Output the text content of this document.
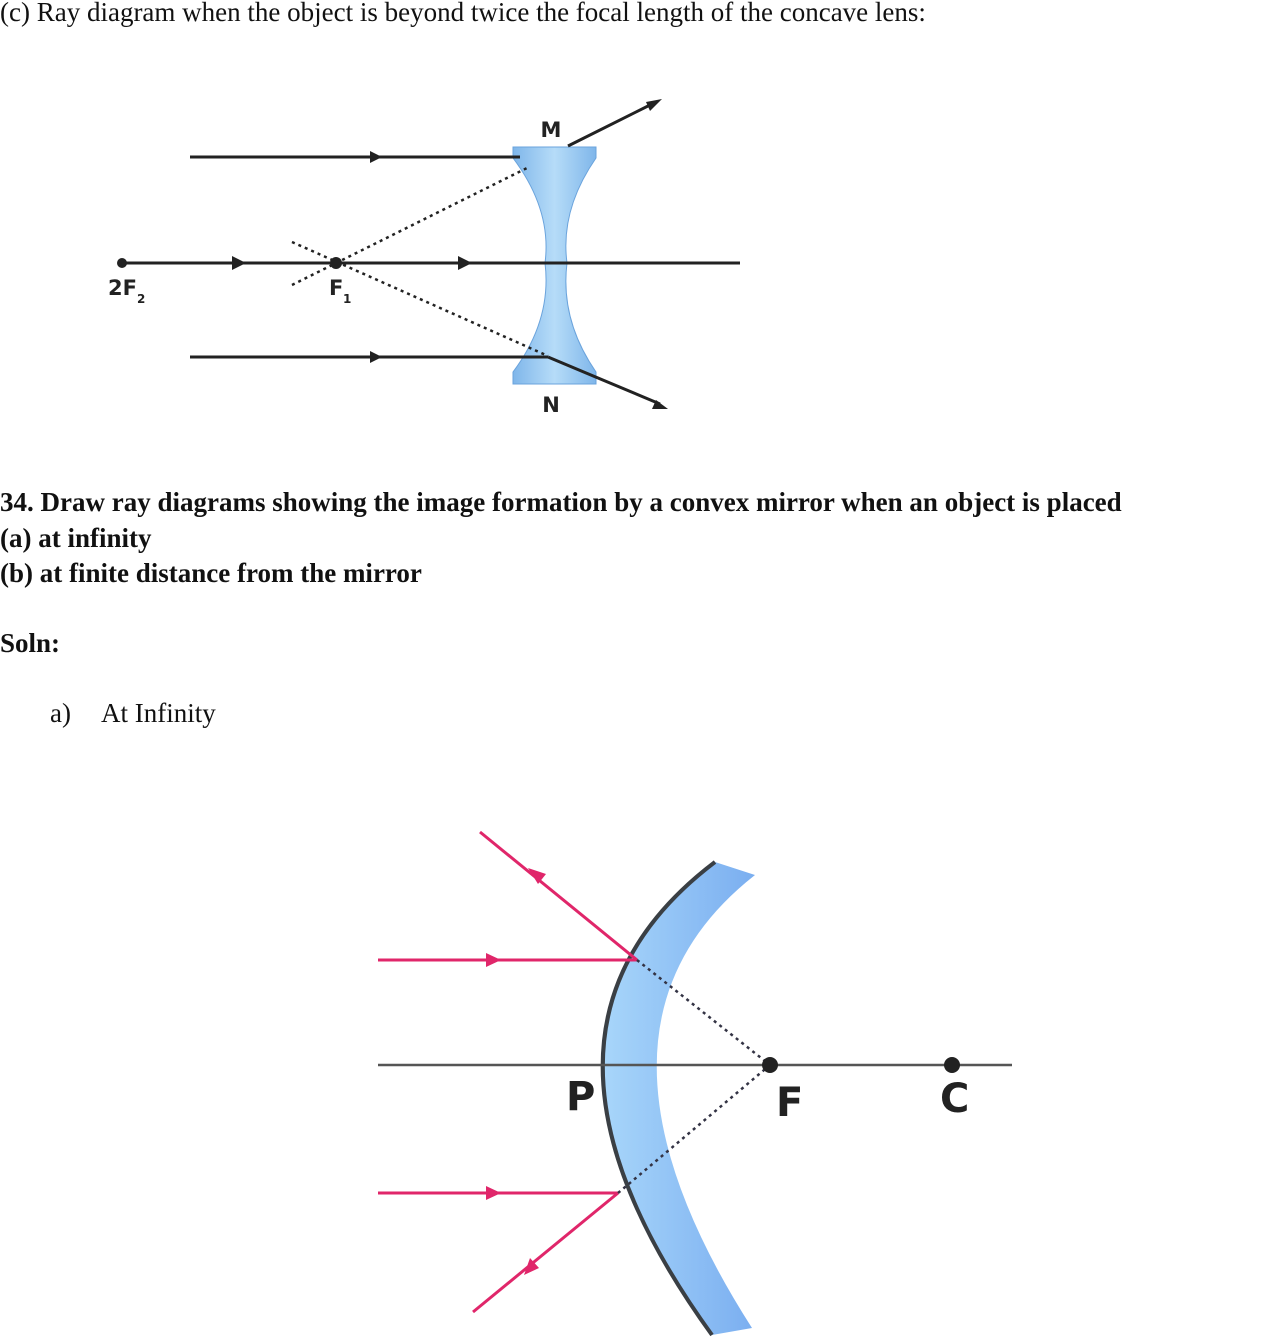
(c) Ray diagram when the object is beyond twice the focal length of the concave lens:
M
N
2F 2	F 1
34. Draw ray diagrams showing the image formation by a convex mirror when an object is placed
(a) at infinity
(b) at finite distance from the mirror
Soln:
a) At Infinity
P	F	C
